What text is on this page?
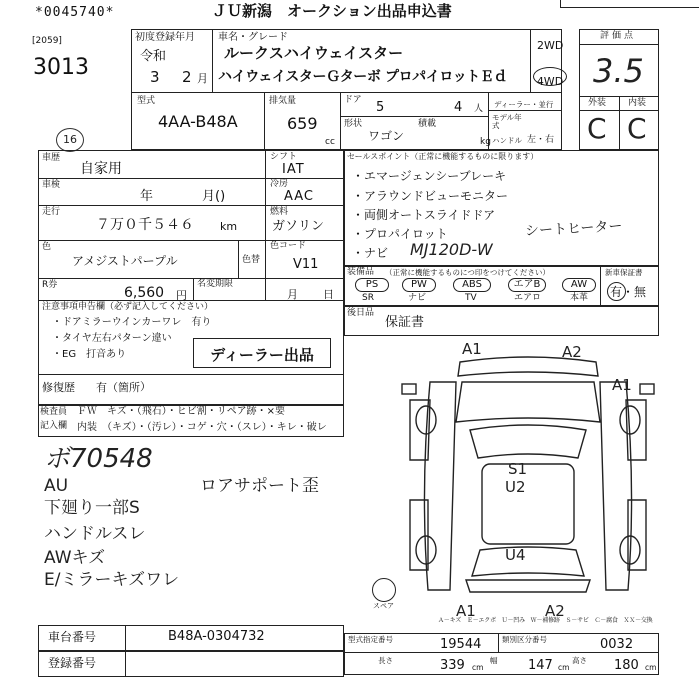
*0045740*	ＪＵ新潟　オークション出品申込書
[2059]
3013
16
初度登録年月
令和
3 2 月
車名・グレード
ルークスハイウェイスター
ハイウェイスターＧターボ プロパイロットＥｄ
2WD
4WD
型式
4AA-B48A
排気量
659
cc
ドア 5	4 人
形状
ワゴン
積載
kg
ディーラー・並行
モデル年式
ハンドル 左・右
評価点
3.5
外装 内装
C C
車歴
自家用
シフト
IAT
車検
年	月()
冷房
AAC
走行
７万０千５４６ km
燃料
ガソリン
色
アメジストパープル	色替
色コード
V11
R券	6,560 円
名変期限
月 日
注意事項申告欄（必ず記入してください）
・ドアミラーウインカーワレ　有り
・タイヤ左右パターン違い
・EG　打音あり	ディーラー出品
修復歴 有（箇所 ）
セールスポイント（正常に機能するものに限ります）
・エマージェンシーブレーキ
・アラウンドビューモニター
・両側オートスライドドア
・プロパイロット	シートヒーター
・ナビ MJ120D-W
装備品 （正常に機能するものにつ印をつけてください）
PS	PW	ABS	エアB	AW
SR	ナビ	TV	エアロ	本革
新車保証書
有・無
後日品
保証書
検査員
記入欄
ＦＷ　キズ・（飛石）・ヒビ割・リペア跡・×要
内装　（キズ）・（汚レ）・コゲ・穴・（スレ）・キレ・破レ
ボ70548
ロアサポート歪
AU
下廻り一部S
ハンドルスレ
AWキズ
E/ミラーキズワレ
スペア
A1	A2
A1
S1
U2
U4
A1	A2
Ａ－キズ　Ｅ－エクボ　Ｕ－凹み　Ｗ－補修跡　Ｓ－サビ　Ｃ－腐食　ＸＸ－交換
車台番号	B48A-0304732
登録番号
型式指定番号	19544	類別区分番号	0032
長さ	339 cm
幅 147 cm
高さ 180 cm
